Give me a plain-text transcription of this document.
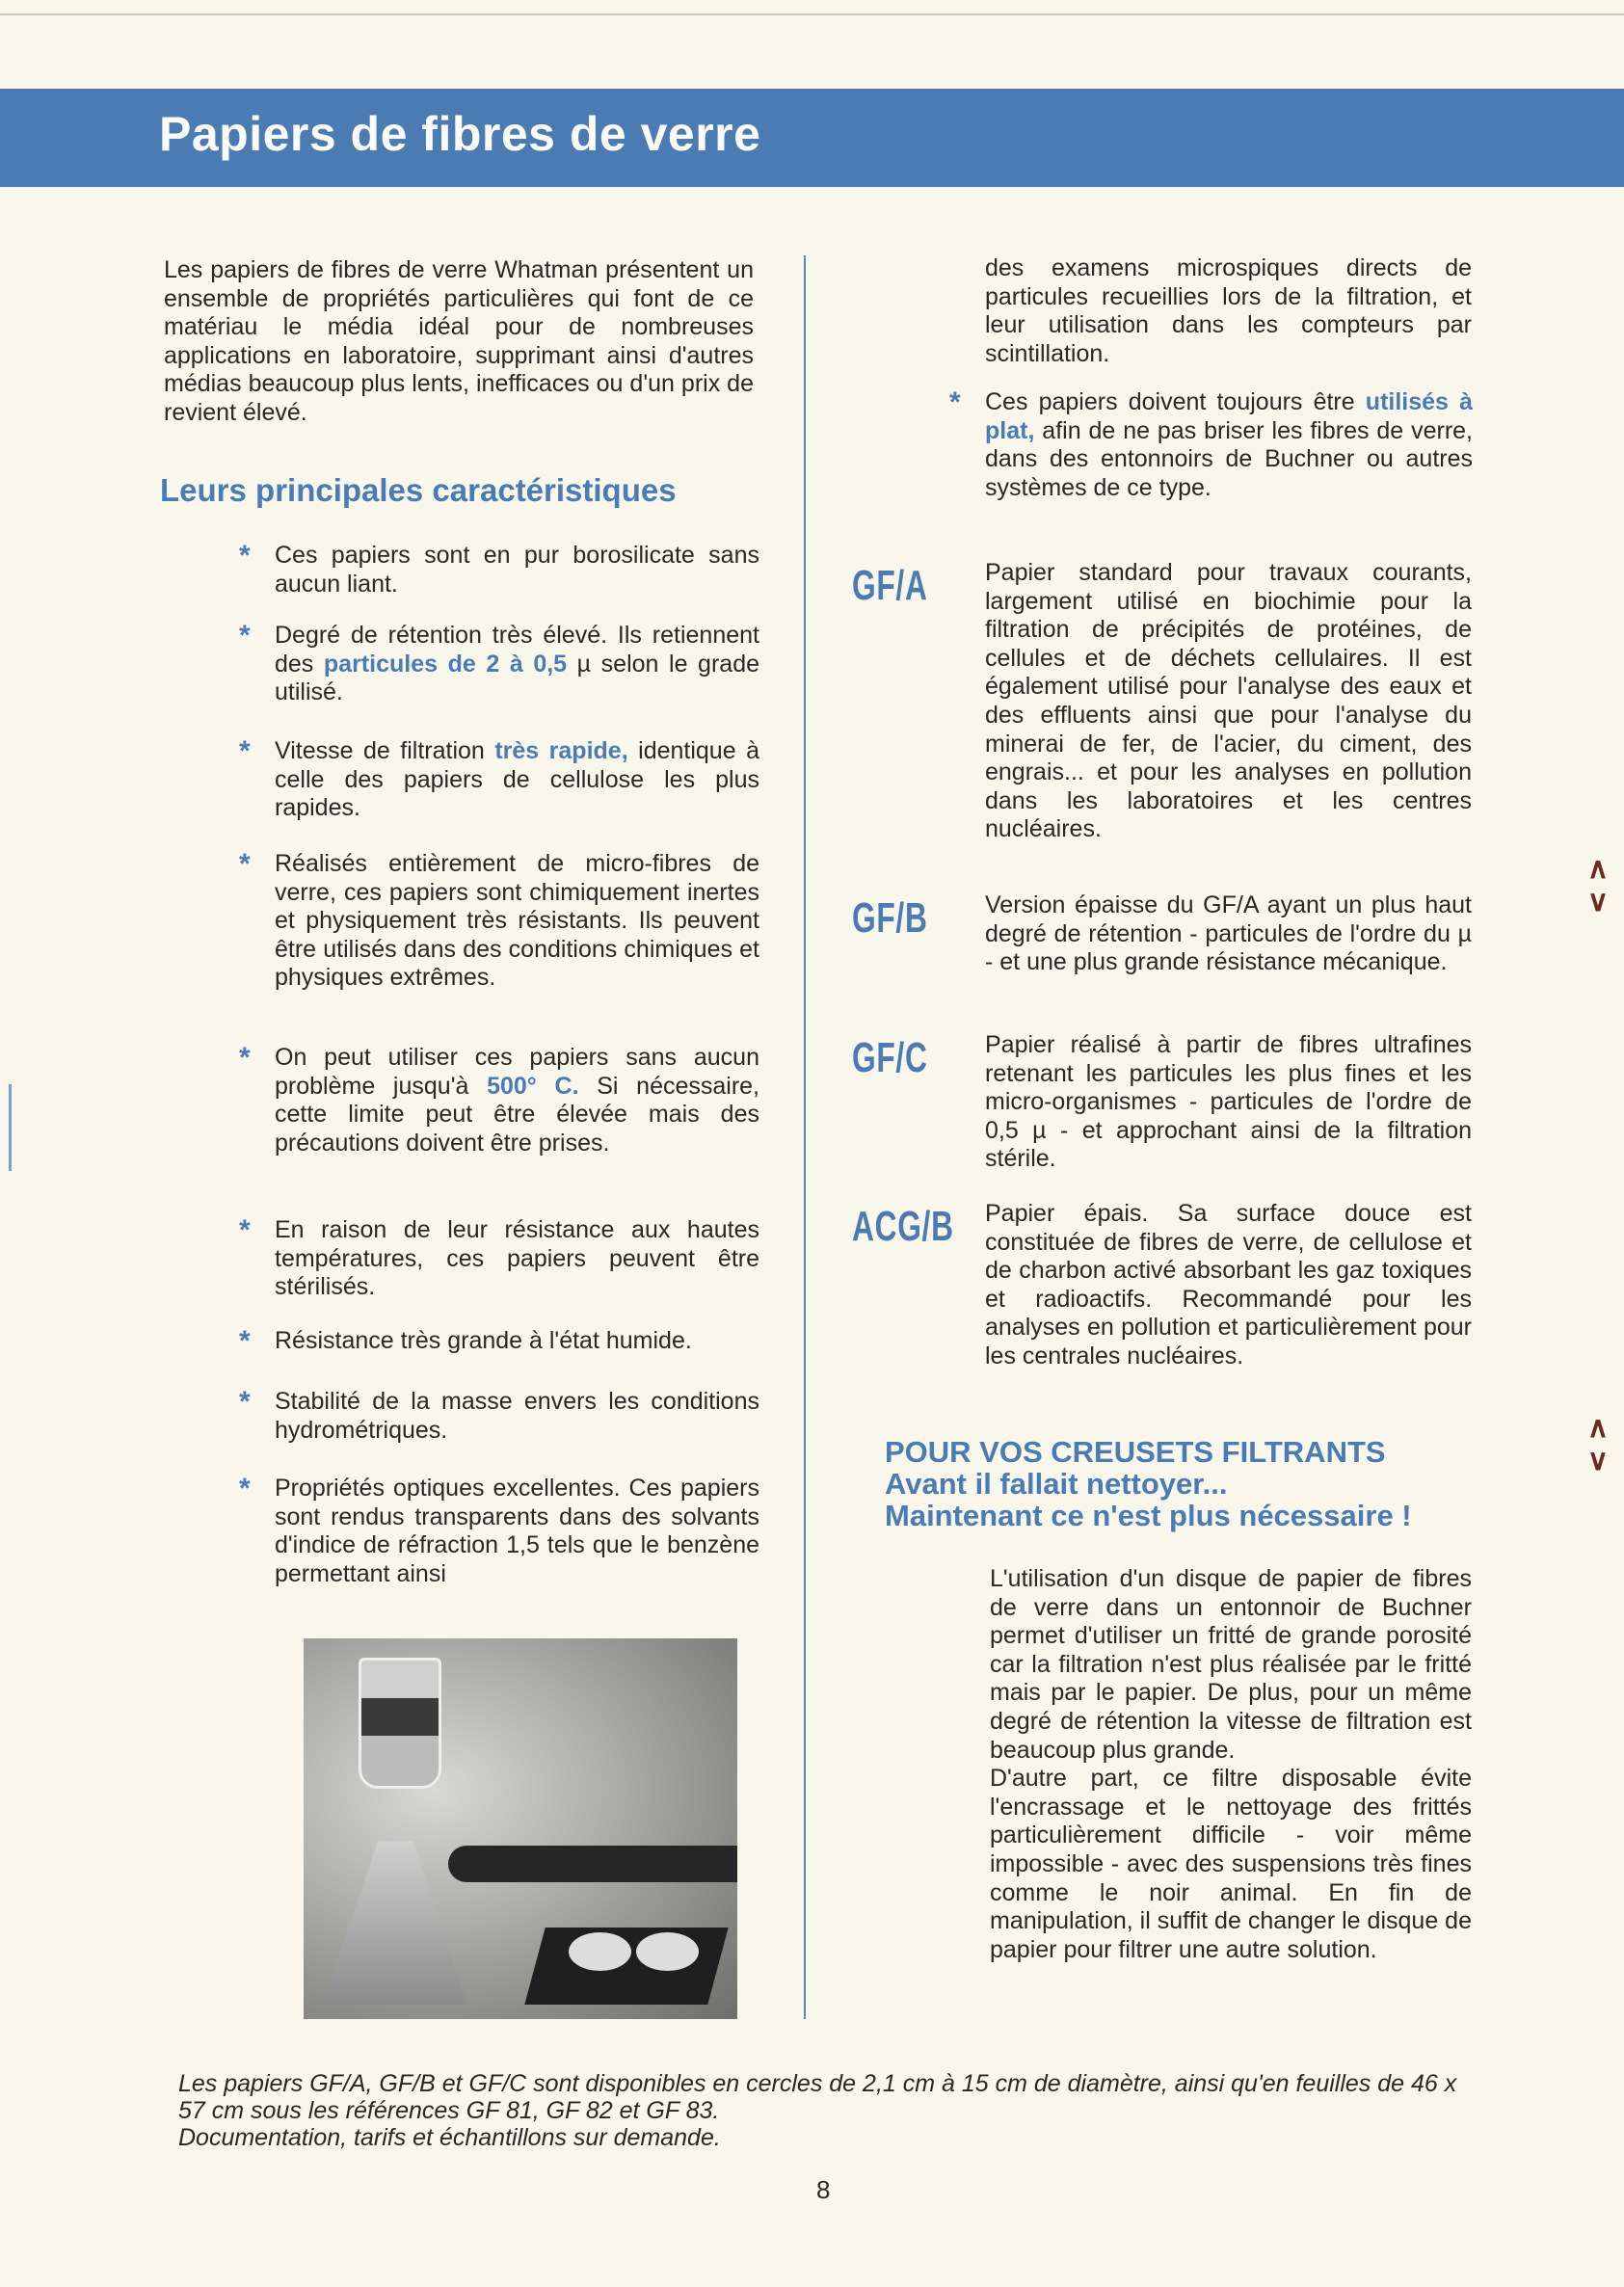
Papiers de fibres de verre
Les papiers de fibres de verre Whatman présentent un ensemble de propriétés particulières qui font de ce matériau le média idéal pour de nombreuses applications en laboratoire, supprimant ainsi d'autres médias beaucoup plus lents, inefficaces ou d'un prix de revient élevé.
Leurs principales caractéristiques
* Ces papiers sont en pur borosilicate sans aucun liant.
* Degré de rétention très élevé. Ils retiennent des particules de 2 à 0,5 µ selon le grade utilisé.
* Vitesse de filtration très rapide, identique à celle des papiers de cellulose les plus rapides.
* Réalisés entièrement de micro-fibres de verre, ces papiers sont chimiquement inertes et physiquement très résistants. Ils peuvent être utilisés dans des conditions chimiques et physiques extrêmes.
* On peut utiliser ces papiers sans aucun problème jusqu'à 500° C. Si nécessaire, cette limite peut être élevée mais des précautions doivent être prises.
* En raison de leur résistance aux hautes températures, ces papiers peuvent être stérilisés.
* Résistance très grande à l'état humide.
* Stabilité de la masse envers les conditions hydrométriques.
* Propriétés optiques excellentes. Ces papiers sont rendus transparents dans des solvants d'indice de réfraction 1,5 tels que le benzène permettant ainsi
des examens microspiques directs de particules recueillies lors de la filtration, et leur utilisation dans les compteurs par scintillation.
* Ces papiers doivent toujours être utilisés à plat, afin de ne pas briser les fibres de verre, dans des entonnoirs de Buchner ou autres systèmes de ce type.
GF/A	Papier standard pour travaux courants, largement utilisé en biochimie pour la filtration de précipités de protéines, de cellules et de déchets cellulaires. Il est également utilisé pour l'analyse des eaux et des effluents ainsi que pour l'analyse du minerai de fer, de l'acier, du ciment, des engrais... et pour les analyses en pollution dans les laboratoires et les centres nucléaires.
GF/B	Version épaisse du GF/A ayant un plus haut degré de rétention - particules de l'ordre du µ - et une plus grande résistance mécanique.
GF/C	Papier réalisé à partir de fibres ultrafines retenant les particules les plus fines et les micro-organismes - particules de l'ordre de 0,5 µ - et approchant ainsi de la filtration stérile.
ACG/B Papier épais. Sa surface douce est constituée de fibres de verre, de cellulose et de charbon activé absorbant les gaz toxiques et radioactifs. Recommandé pour les analyses en pollution et particulièrement pour les centrales nucléaires.
POUR VOS CREUSETS FILTRANTS
Avant il fallait nettoyer...
Maintenant ce n'est plus nécessaire !
L'utilisation d'un disque de papier de fibres de verre dans un entonnoir de Buchner permet d'utiliser un fritté de grande porosité car la filtration n'est plus réalisée par le fritté mais par le papier. De plus, pour un même degré de rétention la vitesse de filtration est beaucoup plus grande.
D'autre part, ce filtre disposable évite l'encrassage et le nettoyage des frittés particulièrement difficile - voir même impossible - avec des suspensions très fines comme le noir animal. En fin de manipulation, il suffit de changer le disque de papier pour filtrer une autre solution.
Les papiers GF/A, GF/B et GF/C sont disponibles en cercles de 2,1 cm à 15 cm de diamètre, ainsi qu'en feuilles de 46 x 57 cm sous les références GF 81, GF 82 et GF 83.
Documentation, tarifs et échantillons sur demande.
8
∧
∨
∧
∨
